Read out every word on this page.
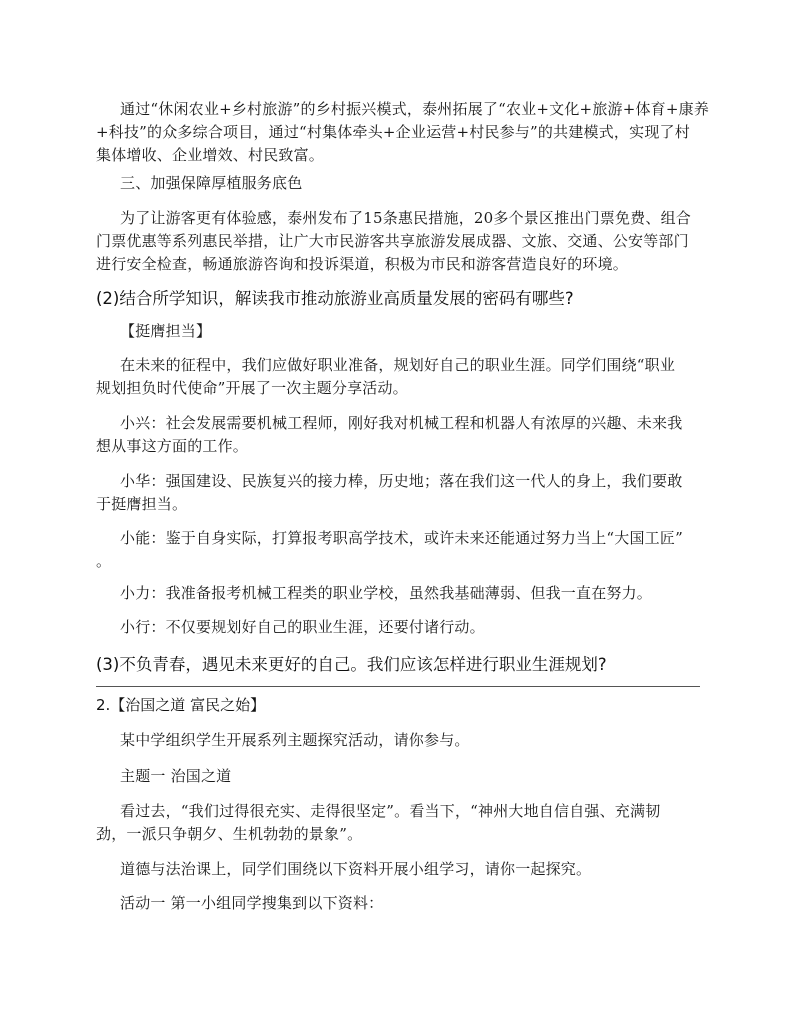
通过“休闲农业+乡村旅游”的乡村振兴模式，泰州拓展了“农业+文化+旅游+体育+康养
+科技”的众多综合项目，通过“村集体牵头+企业运营+村民参与”的共建模式，实现了村
集体增收、企业增效、村民致富。
三、加强保障厚植服务底色
为了让游客更有体验感，泰州发布了15条惠民措施，20多个景区推出门票免费、组合
门票优惠等系列惠民举措，让广大市民游客共享旅游发展成器、文旅、交通、公安等部门
进行安全检查，畅通旅游咨询和投诉渠道，积极为市民和游客营造良好的环境。
(2)结合所学知识，解读我市推动旅游业高质量发展的密码有哪些?
【挺膺担当】
在未来的征程中，我们应做好职业准备，规划好自己的职业生涯。同学们围绕“职业
规划担负时代使命”开展了一次主题分享活动。
小兴：社会发展需要机械工程师，刚好我对机械工程和机器人有浓厚的兴趣、未来我
想从事这方面的工作。
小华：强国建设、民族复兴的接力棒，历史地；落在我们这一代人的身上，我们要敢
于挺膺担当。
小能：鉴于自身实际，打算报考职高学技术，或许未来还能通过努力当上“大国工匠”
。
小力：我准备报考机械工程类的职业学校，虽然我基础薄弱、但我一直在努力。
小行：不仅要规划好自己的职业生涯，还要付诸行动。
(3)不负青春，遇见未来更好的自己。我们应该怎样进行职业生涯规划?
2.【治国之道 富民之始】
某中学组织学生开展系列主题探究活动，请你参与。
主题一 治国之道
看过去，“我们过得很充实、走得很坚定”。看当下，“神州大地自信自强、充满韧
劲，一派只争朝夕、生机勃勃的景象”。
道德与法治课上，同学们围绕以下资料开展小组学习，请你一起探究。
活动一 第一小组同学搜集到以下资料：
